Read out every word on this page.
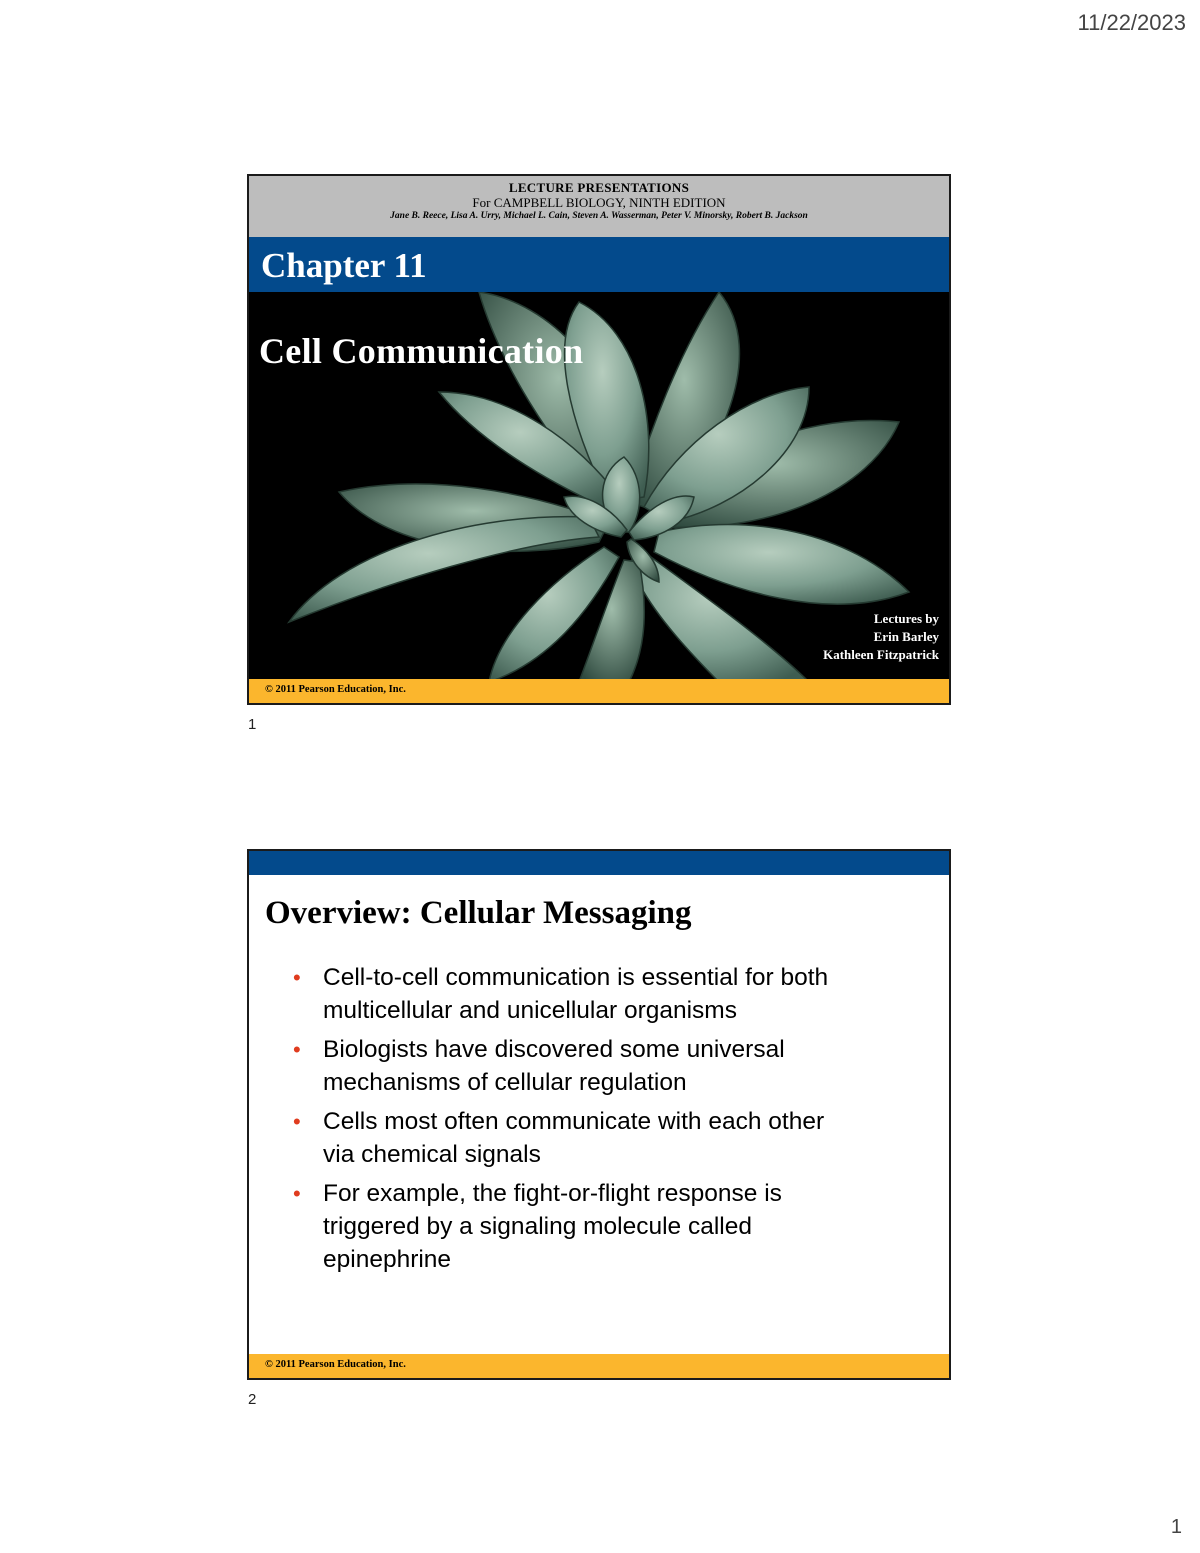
11/22/2023
LECTURE PRESENTATIONS
For CAMPBELL BIOLOGY, NINTH EDITION
Jane B. Reece, Lisa A. Urry, Michael L. Cain, Steven A. Wasserman, Peter V. Minorsky, Robert B. Jackson
Chapter 11
Cell Communication
Lectures by
Erin Barley
Kathleen Fitzpatrick
© 2011 Pearson Education, Inc.
1
Overview: Cellular Messaging
• Cell-to-cell communication is essential for both
multicellular and unicellular organisms
• Biologists have discovered some universal
mechanisms of cellular regulation
• Cells most often communicate with each other
via chemical signals
• For example, the fight-or-flight response is
triggered by a signaling molecule called
epinephrine
© 2011 Pearson Education, Inc.
2
1
